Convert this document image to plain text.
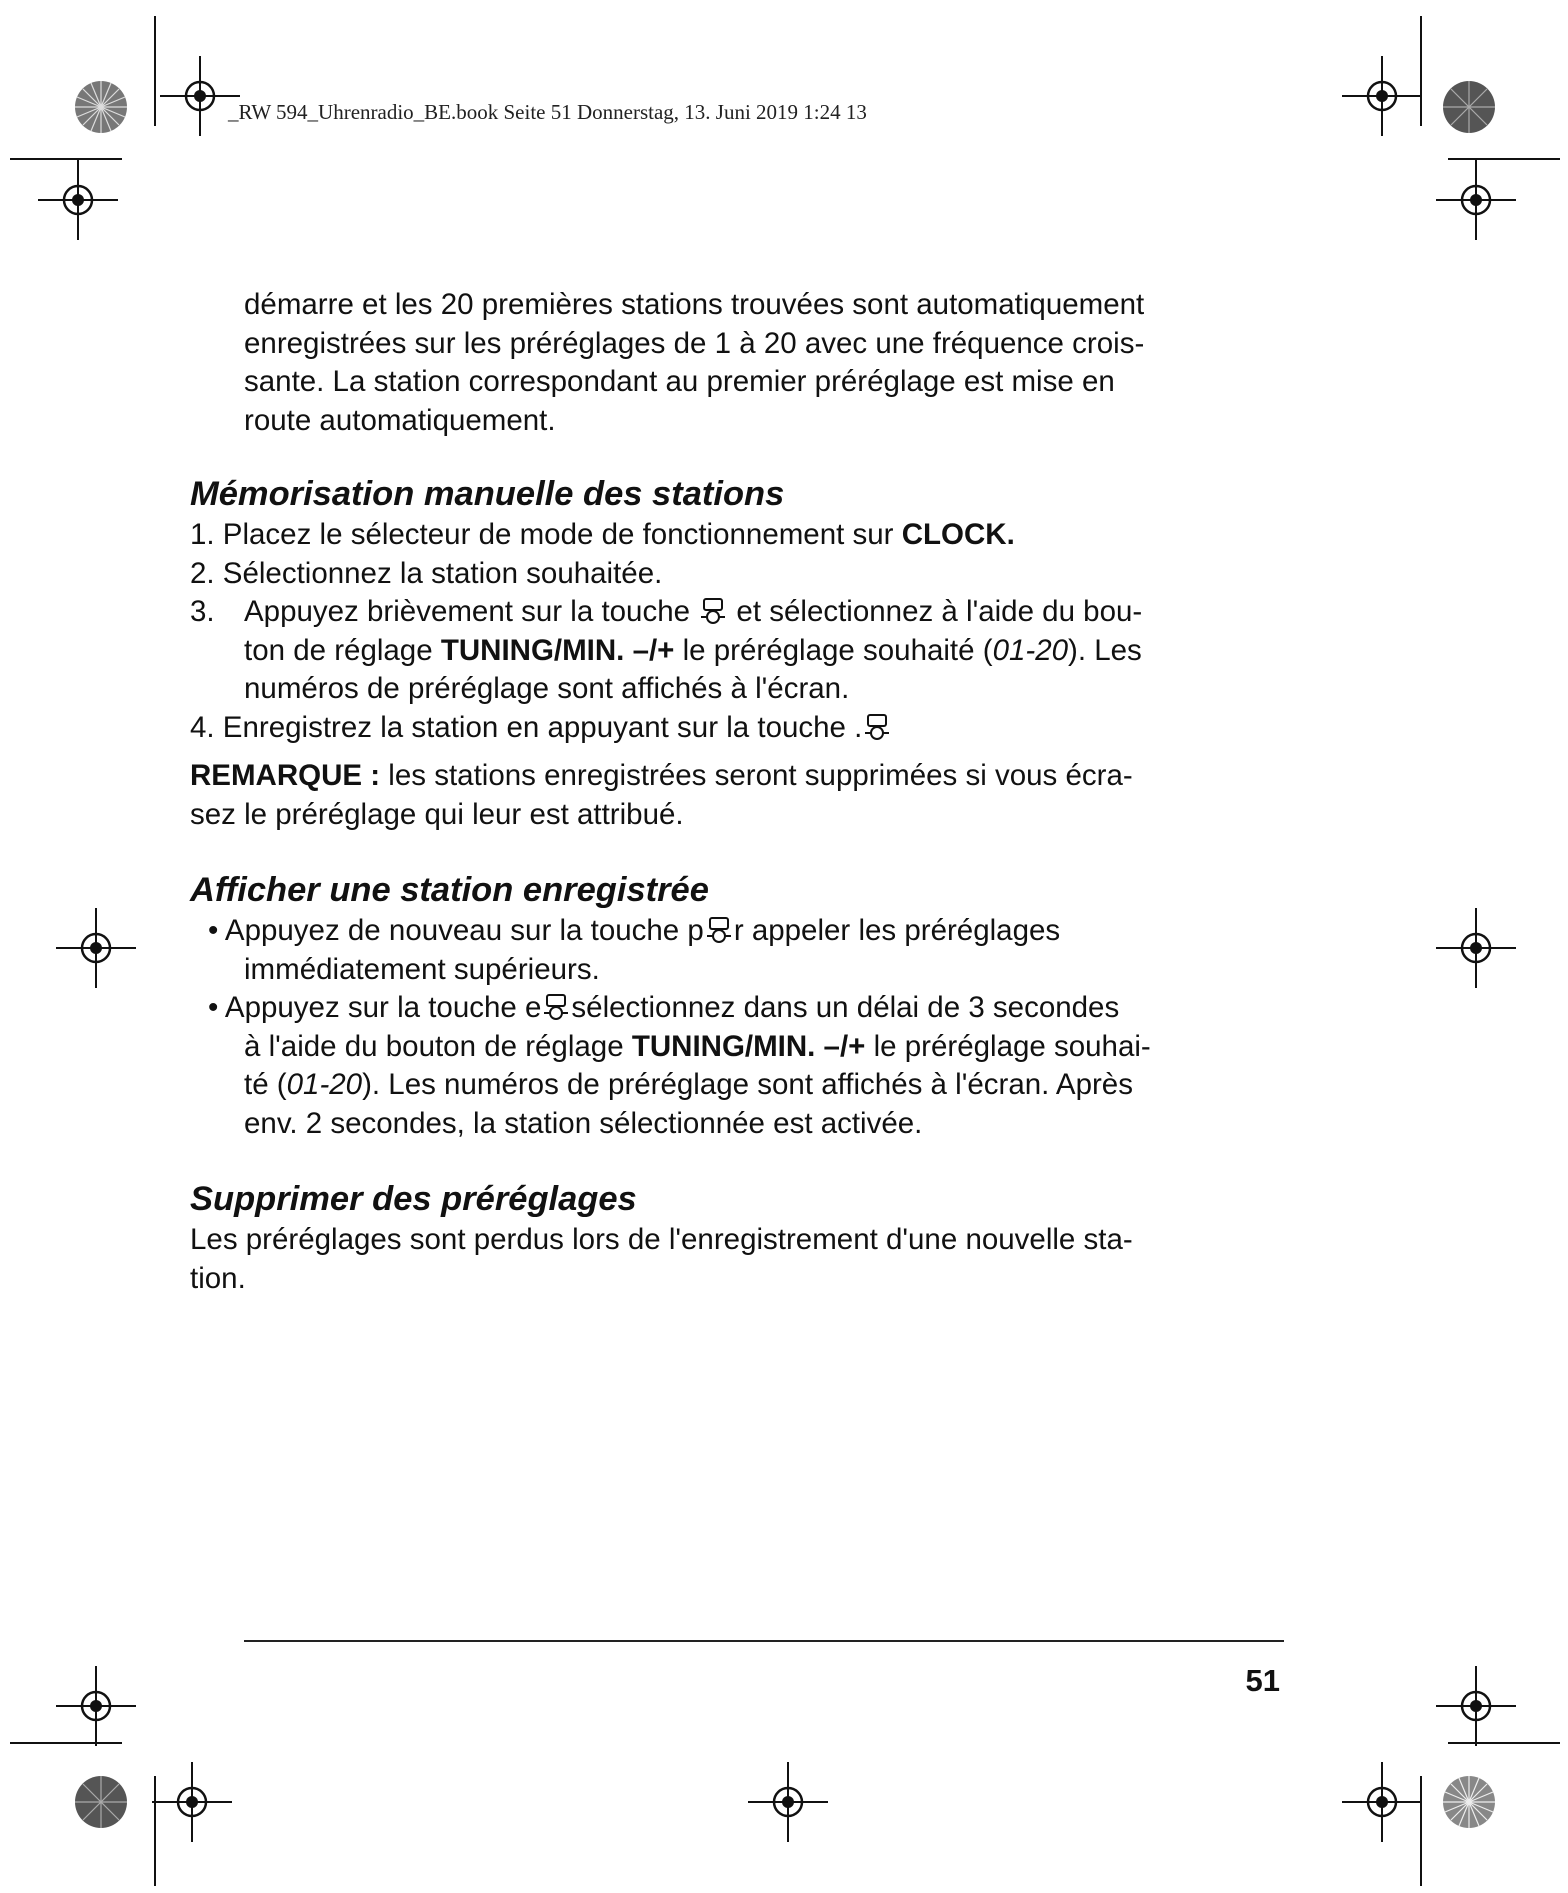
_RW 594_Uhrenradio_BE.book Seite 51 Donnerstag, 13. Juni 2019 1:24 13

démarre et les 20 premières stations trouvées sont automatiquement

enregistrées sur les préréglages de 1 à 20 avec une fréquence crois-

sante. La station correspondant au premier préréglage est mise en

route automatiquement.

Mémorisation manuelle des stations

1. Placez le sélecteur de mode de fonctionnement sur CLOCK.

2. Sélectionnez la station souhaitée.

3. Appuyez brièvement sur la touche
et sélectionnez à l'aide du bou-
ton de réglage TUNING/MIN. –/+ le préréglage souhaité (01-20). Les
numéros de préréglage sont affichés à l'écran.

4. Enregistrez la station en appuyant sur la touche .

REMARQUE : les stations enregistrées seront supprimées si vous écra-
sez le préréglage qui leur est attribué.

Afficher une station enregistrée

• Appuyez de nouveau sur la touche p r appeler les préréglages
immédiatement supérieurs.

• Appuyez sur la touche e sélectionnez dans un délai de 3 secondes
à l'aide du bouton de réglage TUNING/MIN. –/+ le préréglage souhai-
té (01-20). Les numéros de préréglage sont affichés à l'écran. Après
env. 2 secondes, la station sélectionnée est activée.

Supprimer des préréglages

Les préréglages sont perdus lors de l'enregistrement d'une nouvelle sta-

tion.

51
